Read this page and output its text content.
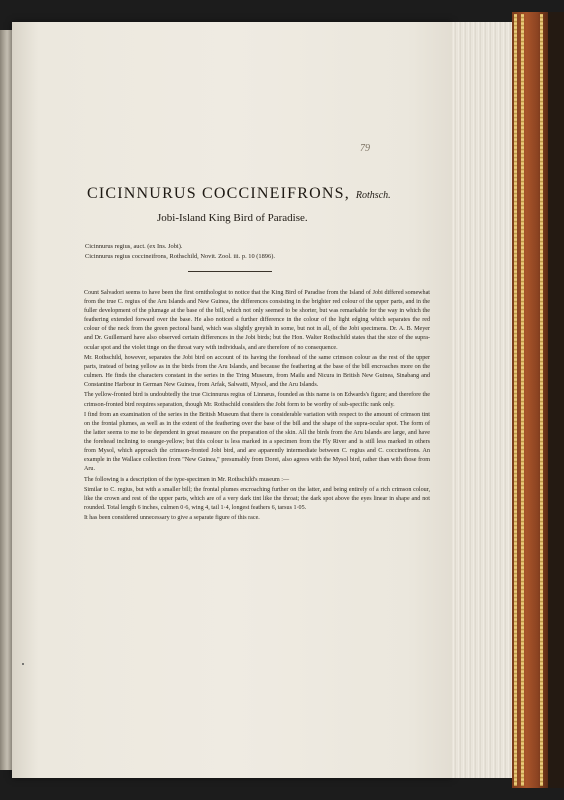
79
CICINNURUS COCCINEIFRONS, Rothsch.
Jobi-Island King Bird of Paradise.
Cicinnurus regius, auct. (ex Ins. Jobi).
Cicinnurus regius coccineifrons, Rothschild, Novit. Zool. iii. p. 10 (1896).

Count Salvadori seems to have been the first ornithologist to notice that the King Bird of Paradise from the Island of Jobi differed somewhat from the true C. regius of the Aru Islands and New Guinea, the differences consisting in the brighter red colour of the upper parts, and in the fuller development of the plumage at the base of the bill, which not only seemed to be shorter, but was remarkable for the way in which the feathering extended forward over the base. He also noticed a further difference in the colour of the light edging which separates the red colour of the neck from the green pectoral band, which was slightly greyish in some, but not in all, of the Jobi specimens. Dr. A. B. Meyer and Dr. Guillemard have also observed certain differences in the Jobi birds; but the Hon. Walter Rothschild states that the size of the supra-ocular spot and the violet tinge on the throat vary with individuals, and are therefore of no consequence.

Mr. Rothschild, however, separates the Jobi bird on account of its having the forehead of the same crimson colour as the rest of the upper parts, instead of being yellow as in the birds from the Aru Islands, and because the feathering at the base of the bill encroaches more on the culmen. He finds the characters constant in the series in the Tring Museum, from Mailu and Nicura in British New Guinea, Sinabang and Constantine Harbour in German New Guinea, from Arfak, Salwatti, Mysol, and the Aru Islands.

The yellow-fronted bird is undoubtedly the true Cicinnurus regius of Linnæus, founded as this name is on Edwards's figure; and therefore the crimson-fronted bird requires separation, though Mr. Rothschild considers the Jobi form to be worthy of sub-specific rank only.

I find from an examination of the series in the British Museum that there is considerable variation with respect to the amount of crimson tint on the frontal plumes, as well as in the extent of the feathering over the base of the bill and the shape of the supra-ocular spot. The form of the latter seems to me to be dependent in great measure on the preparation of the skin. All the birds from the Aru Islands are large, and have the forehead inclining to orange-yellow; but this colour is less marked in a specimen from the Fly River and is still less marked in others from Mysol, which approach the crimson-fronted Jobi bird, and are apparently intermediate between C. regius and C. coccineifrons. An example in the Wallace collection from "New Guinea," presumably from Dorei, also agrees with the Mysol bird, rather than with those from Aru.

The following is a description of the type-specimen in Mr. Rothschild's museum :—

Similar to C. regius, but with a smaller bill; the frontal plumes encroaching further on the latter, and being entirely of a rich crimson colour, like the crown and rest of the upper parts, which are of a very dark tint like the throat; the dark spot above the eyes linear in shape and not rounded. Total length 6 inches, culmen 0·6, wing 4, tail 1·4, longest feathers 6, tarsus 1·05.

It has been considered unnecessary to give a separate figure of this race.
